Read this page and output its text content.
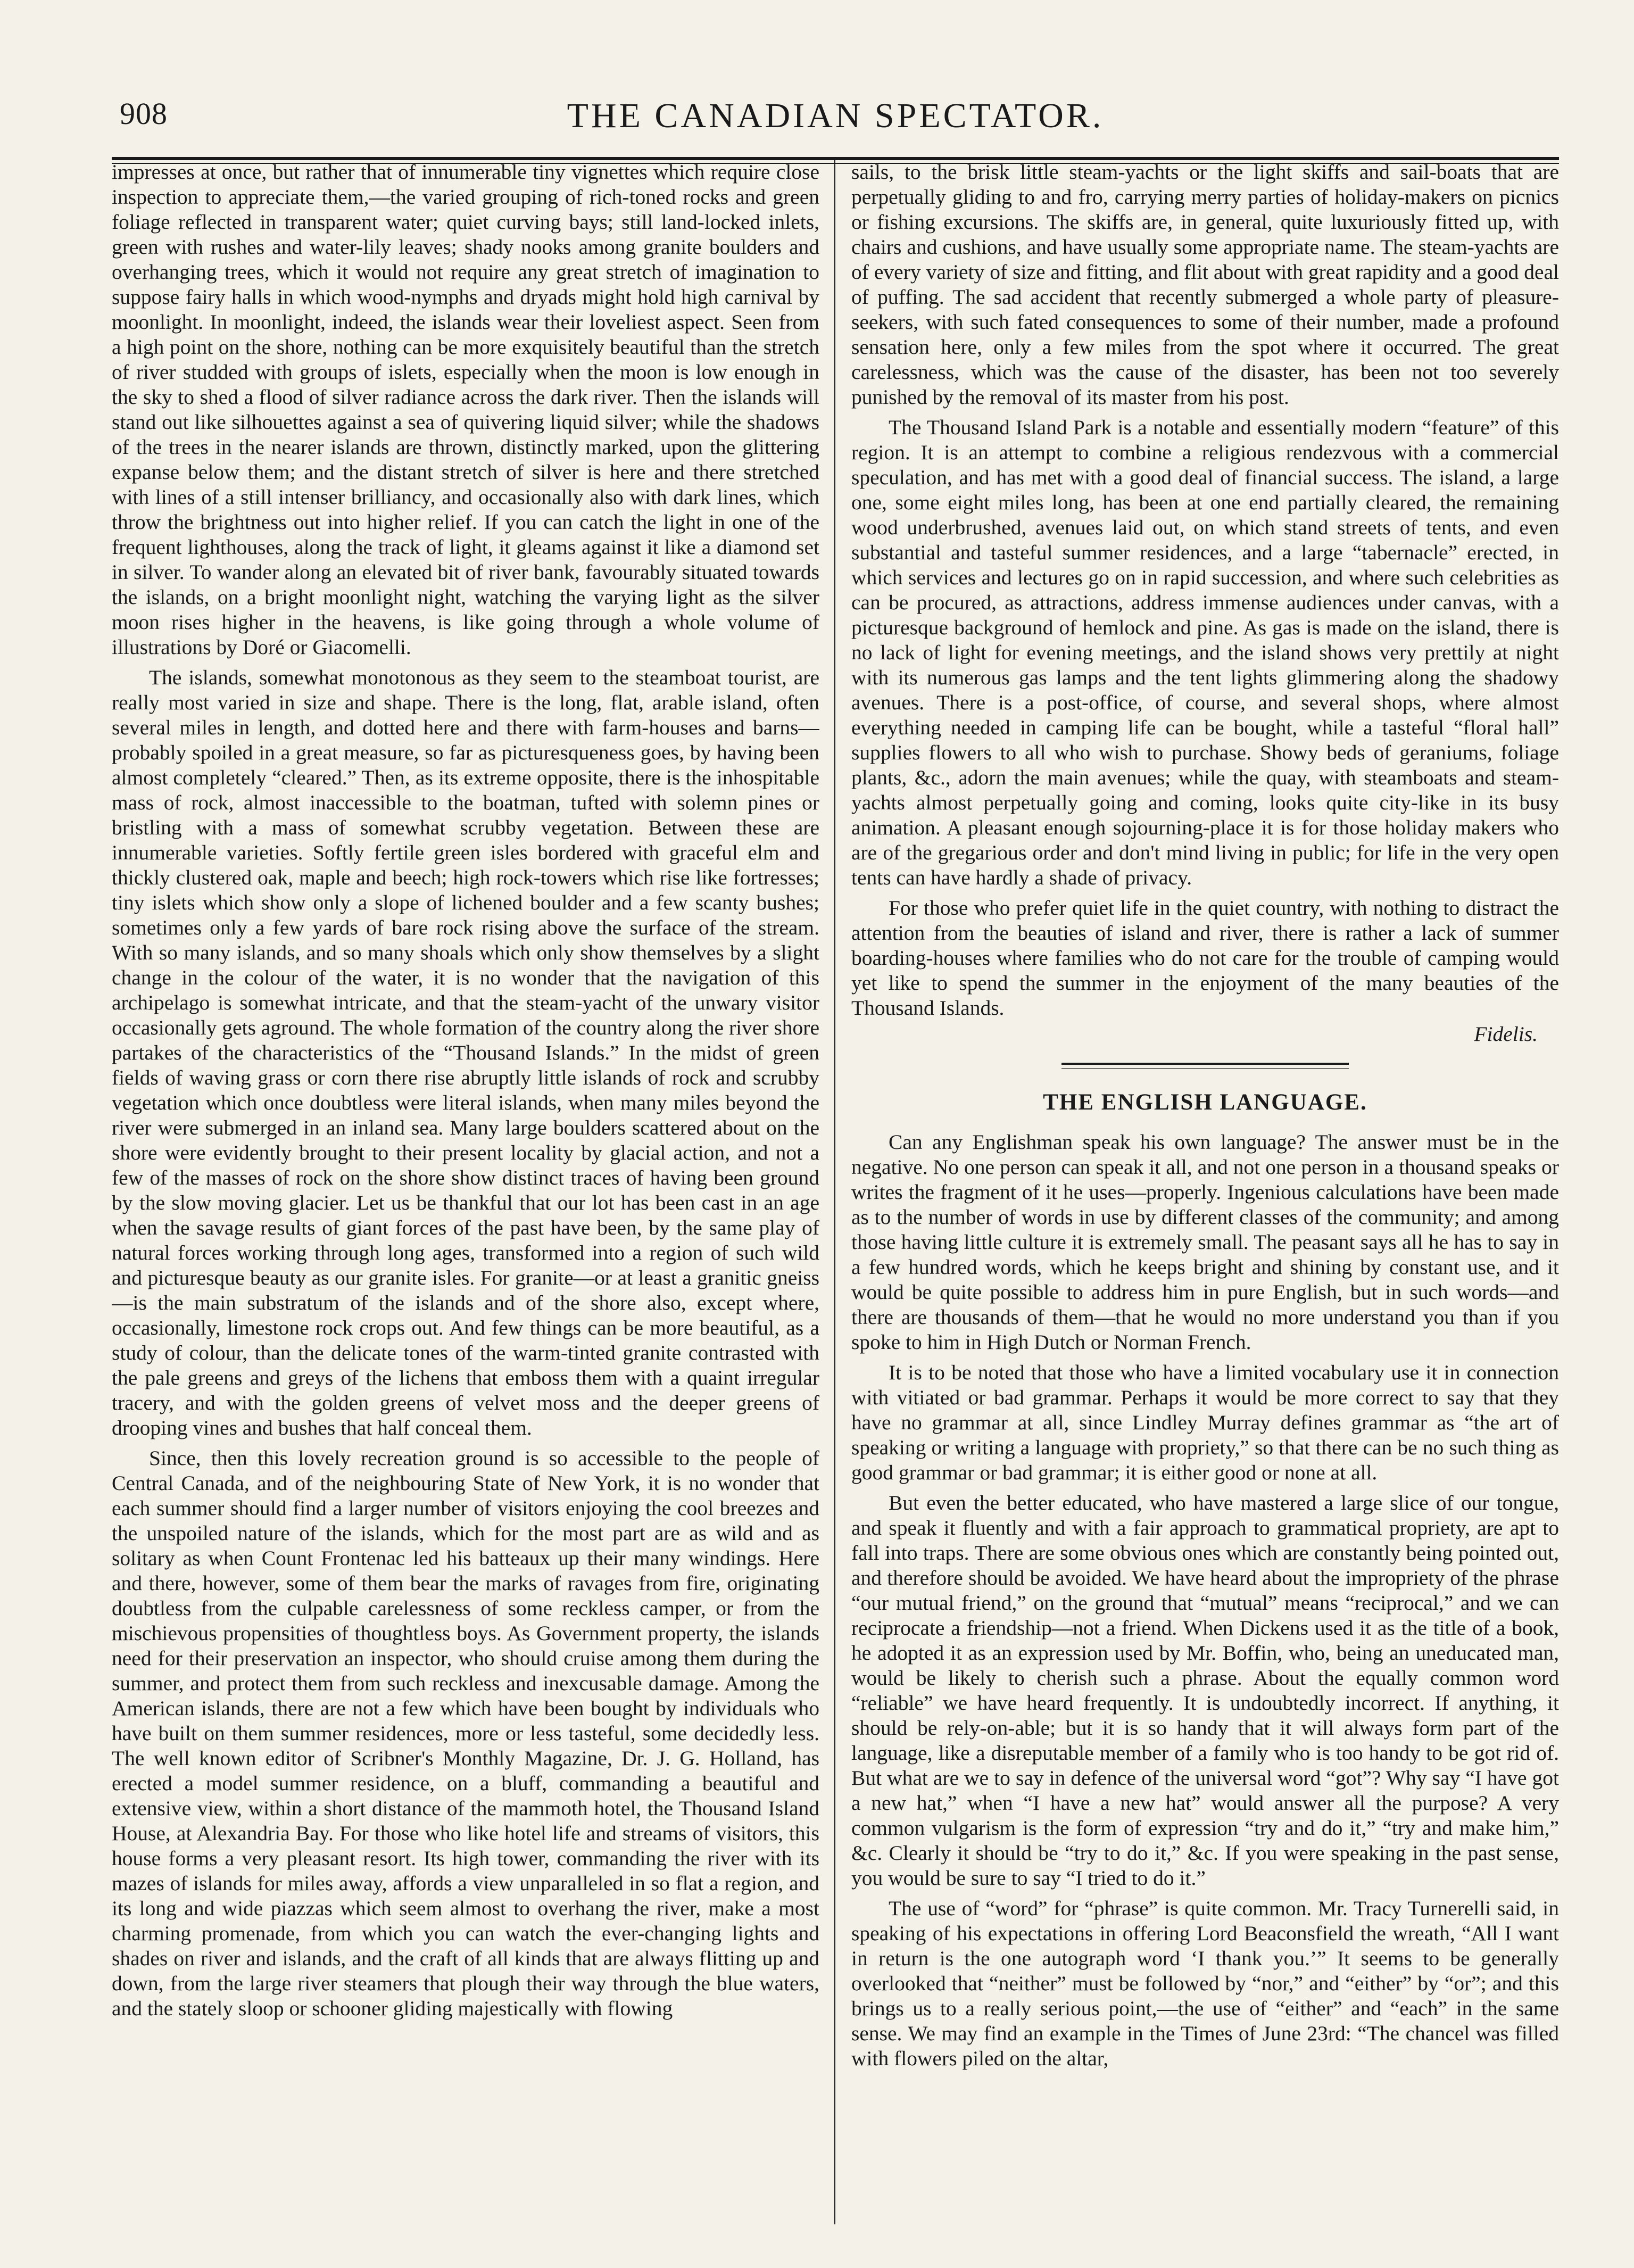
908	THE CANADIAN SPECTATOR.

impresses at once, but rather that of innumerable tiny vignettes which require close inspection to appreciate them,—the varied grouping of rich-toned rocks and green foliage reflected in transparent water; quiet curving bays; still land-locked inlets, green with rushes and water-lily leaves; shady nooks among granite boulders and overhanging trees, which it would not require any great stretch of imagination to suppose fairy halls in which wood-nymphs and dryads might hold high carnival by moonlight. In moonlight, indeed, the islands wear their loveliest aspect. Seen from a high point on the shore, nothing can be more exquisitely beautiful than the stretch of river studded with groups of islets, especially when the moon is low enough in the sky to shed a flood of silver radiance across the dark river. Then the islands will stand out like silhouettes against a sea of quivering liquid silver; while the shadows of the trees in the nearer islands are thrown, distinctly marked, upon the glittering expanse below them; and the distant stretch of silver is here and there stretched with lines of a still intenser brilliancy, and occasionally also with dark lines, which throw the brightness out into higher relief. If you can catch the light in one of the frequent lighthouses, along the track of light, it gleams against it like a diamond set in silver. To wander along an elevated bit of river bank, favourably situated towards the islands, on a bright moonlight night, watching the varying light as the silver moon rises higher in the heavens, is like going through a whole volume of illustrations by Doré or Giacomelli.

The islands, somewhat monotonous as they seem to the steamboat tourist, are really most varied in size and shape. There is the long, flat, arable island, often several miles in length, and dotted here and there with farm-houses and barns—probably spoiled in a great measure, so far as picturesqueness goes, by having been almost completely “cleared.” Then, as its extreme opposite, there is the inhospitable mass of rock, almost inaccessible to the boatman, tufted with solemn pines or bristling with a mass of somewhat scrubby vegetation. Between these are innumerable varieties. Softly fertile green isles bordered with graceful elm and thickly clustered oak, maple and beech; high rock-towers which rise like fortresses; tiny islets which show only a slope of lichened boulder and a few scanty bushes; sometimes only a few yards of bare rock rising above the surface of the stream. With so many islands, and so many shoals which only show themselves by a slight change in the colour of the water, it is no wonder that the navigation of this archipelago is somewhat intricate, and that the steam-yacht of the unwary visitor occasionally gets aground. The whole formation of the country along the river shore partakes of the characteristics of the “Thousand Islands.” In the midst of green fields of waving grass or corn there rise abruptly little islands of rock and scrubby vegetation which once doubtless were literal islands, when many miles beyond the river were submerged in an inland sea. Many large boulders scattered about on the shore were evidently brought to their present locality by glacial action, and not a few of the masses of rock on the shore show distinct traces of having been ground by the slow moving glacier. Let us be thankful that our lot has been cast in an age when the savage results of giant forces of the past have been, by the same play of natural forces working through long ages, transformed into a region of such wild and picturesque beauty as our granite isles. For granite—or at least a granitic gneiss—is the main substratum of the islands and of the shore also, except where, occasionally, limestone rock crops out. And few things can be more beautiful, as a study of colour, than the delicate tones of the warm-tinted granite contrasted with the pale greens and greys of the lichens that emboss them with a quaint irregular tracery, and with the golden greens of velvet moss and the deeper greens of drooping vines and bushes that half conceal them.

Since, then this lovely recreation ground is so accessible to the people of Central Canada, and of the neighbouring State of New York, it is no wonder that each summer should find a larger number of visitors enjoying the cool breezes and the unspoiled nature of the islands, which for the most part are as wild and as solitary as when Count Frontenac led his batteaux up their many windings. Here and there, however, some of them bear the marks of ravages from fire, originating doubtless from the culpable carelessness of some reckless camper, or from the mischievous propensities of thoughtless boys. As Government property, the islands need for their preservation an inspector, who should cruise among them during the summer, and protect them from such reckless and inexcusable damage. Among the American islands, there are not a few which have been bought by individuals who have built on them summer residences, more or less tasteful, some decidedly less. The well known editor of Scribner's Monthly Magazine, Dr. J. G. Holland, has erected a model summer residence, on a bluff, commanding a beautiful and extensive view, within a short distance of the mammoth hotel, the Thousand Island House, at Alexandria Bay. For those who like hotel life and streams of visitors, this house forms a very pleasant resort. Its high tower, commanding the river with its mazes of islands for miles away, affords a view unparalleled in so flat a region, and its long and wide piazzas which seem almost to overhang the river, make a most charming promenade, from which you can watch the ever-changing lights and shades on river and islands, and the craft of all kinds that are always flitting up and down, from the large river steamers that plough their way through the blue waters, and the stately sloop or schooner gliding majestically with flowing

sails, to the brisk little steam-yachts or the light skiffs and sail-boats that are perpetually gliding to and fro, carrying merry parties of holiday-makers on picnics or fishing excursions. The skiffs are, in general, quite luxuriously fitted up, with chairs and cushions, and have usually some appropriate name. The steam-yachts are of every variety of size and fitting, and flit about with great rapidity and a good deal of puffing. The sad accident that recently submerged a whole party of pleasure-seekers, with such fated consequences to some of their number, made a profound sensation here, only a few miles from the spot where it occurred. The great carelessness, which was the cause of the disaster, has been not too severely punished by the removal of its master from his post.

The Thousand Island Park is a notable and essentially modern “feature” of this region. It is an attempt to combine a religious rendezvous with a commercial speculation, and has met with a good deal of financial success. The island, a large one, some eight miles long, has been at one end partially cleared, the remaining wood underbrushed, avenues laid out, on which stand streets of tents, and even substantial and tasteful summer residences, and a large “tabernacle” erected, in which services and lectures go on in rapid succession, and where such celebrities as can be procured, as attractions, address immense audiences under canvas, with a picturesque background of hemlock and pine. As gas is made on the island, there is no lack of light for evening meetings, and the island shows very prettily at night with its numerous gas lamps and the tent lights glimmering along the shadowy avenues. There is a post-office, of course, and several shops, where almost everything needed in camping life can be bought, while a tasteful “floral hall” supplies flowers to all who wish to purchase. Showy beds of geraniums, foliage plants, &c., adorn the main avenues; while the quay, with steamboats and steam-yachts almost perpetually going and coming, looks quite city-like in its busy animation. A pleasant enough sojourning-place it is for those holiday makers who are of the gregarious order and don't mind living in public; for life in the very open tents can have hardly a shade of privacy.

For those who prefer quiet life in the quiet country, with nothing to distract the attention from the beauties of island and river, there is rather a lack of summer boarding-houses where families who do not care for the trouble of camping would yet like to spend the summer in the enjoyment of the many beauties of the Thousand Islands.

Fidelis.
THE ENGLISH LANGUAGE.

Can any Englishman speak his own language? The answer must be in the negative. No one person can speak it all, and not one person in a thousand speaks or writes the fragment of it he uses—properly. Ingenious calculations have been made as to the number of words in use by different classes of the community; and among those having little culture it is extremely small. The peasant says all he has to say in a few hundred words, which he keeps bright and shining by constant use, and it would be quite possible to address him in pure English, but in such words—and there are thousands of them—that he would no more understand you than if you spoke to him in High Dutch or Norman French.

It is to be noted that those who have a limited vocabulary use it in connection with vitiated or bad grammar. Perhaps it would be more correct to say that they have no grammar at all, since Lindley Murray defines grammar as “the art of speaking or writing a language with propriety,” so that there can be no such thing as good grammar or bad grammar; it is either good or none at all.

But even the better educated, who have mastered a large slice of our tongue, and speak it fluently and with a fair approach to grammatical propriety, are apt to fall into traps. There are some obvious ones which are constantly being pointed out, and therefore should be avoided. We have heard about the impropriety of the phrase “our mutual friend,” on the ground that “mutual” means “reciprocal,” and we can reciprocate a friendship—not a friend. When Dickens used it as the title of a book, he adopted it as an expression used by Mr. Boffin, who, being an uneducated man, would be likely to cherish such a phrase. About the equally common word “reliable” we have heard frequently. It is undoubtedly incorrect. If anything, it should be rely-on-able; but it is so handy that it will always form part of the language, like a disreputable member of a family who is too handy to be got rid of. But what are we to say in defence of the universal word “got”? Why say “I have got a new hat,” when “I have a new hat” would answer all the purpose? A very common vulgarism is the form of expression “try and do it,” “try and make him,” &c. Clearly it should be “try to do it,” &c. If you were speaking in the past sense, you would be sure to say “I tried to do it.”

The use of “word” for “phrase” is quite common. Mr. Tracy Turnerelli said, in speaking of his expectations in offering Lord Beaconsfield the wreath, “All I want in return is the one autograph word ‘I thank you.’” It seems to be generally overlooked that “neither” must be followed by “nor,” and “either” by “or”; and this brings us to a really serious point,—the use of “either” and “each” in the same sense. We may find an example in the Times of June 23rd: “The chancel was filled with flowers piled on the altar,
